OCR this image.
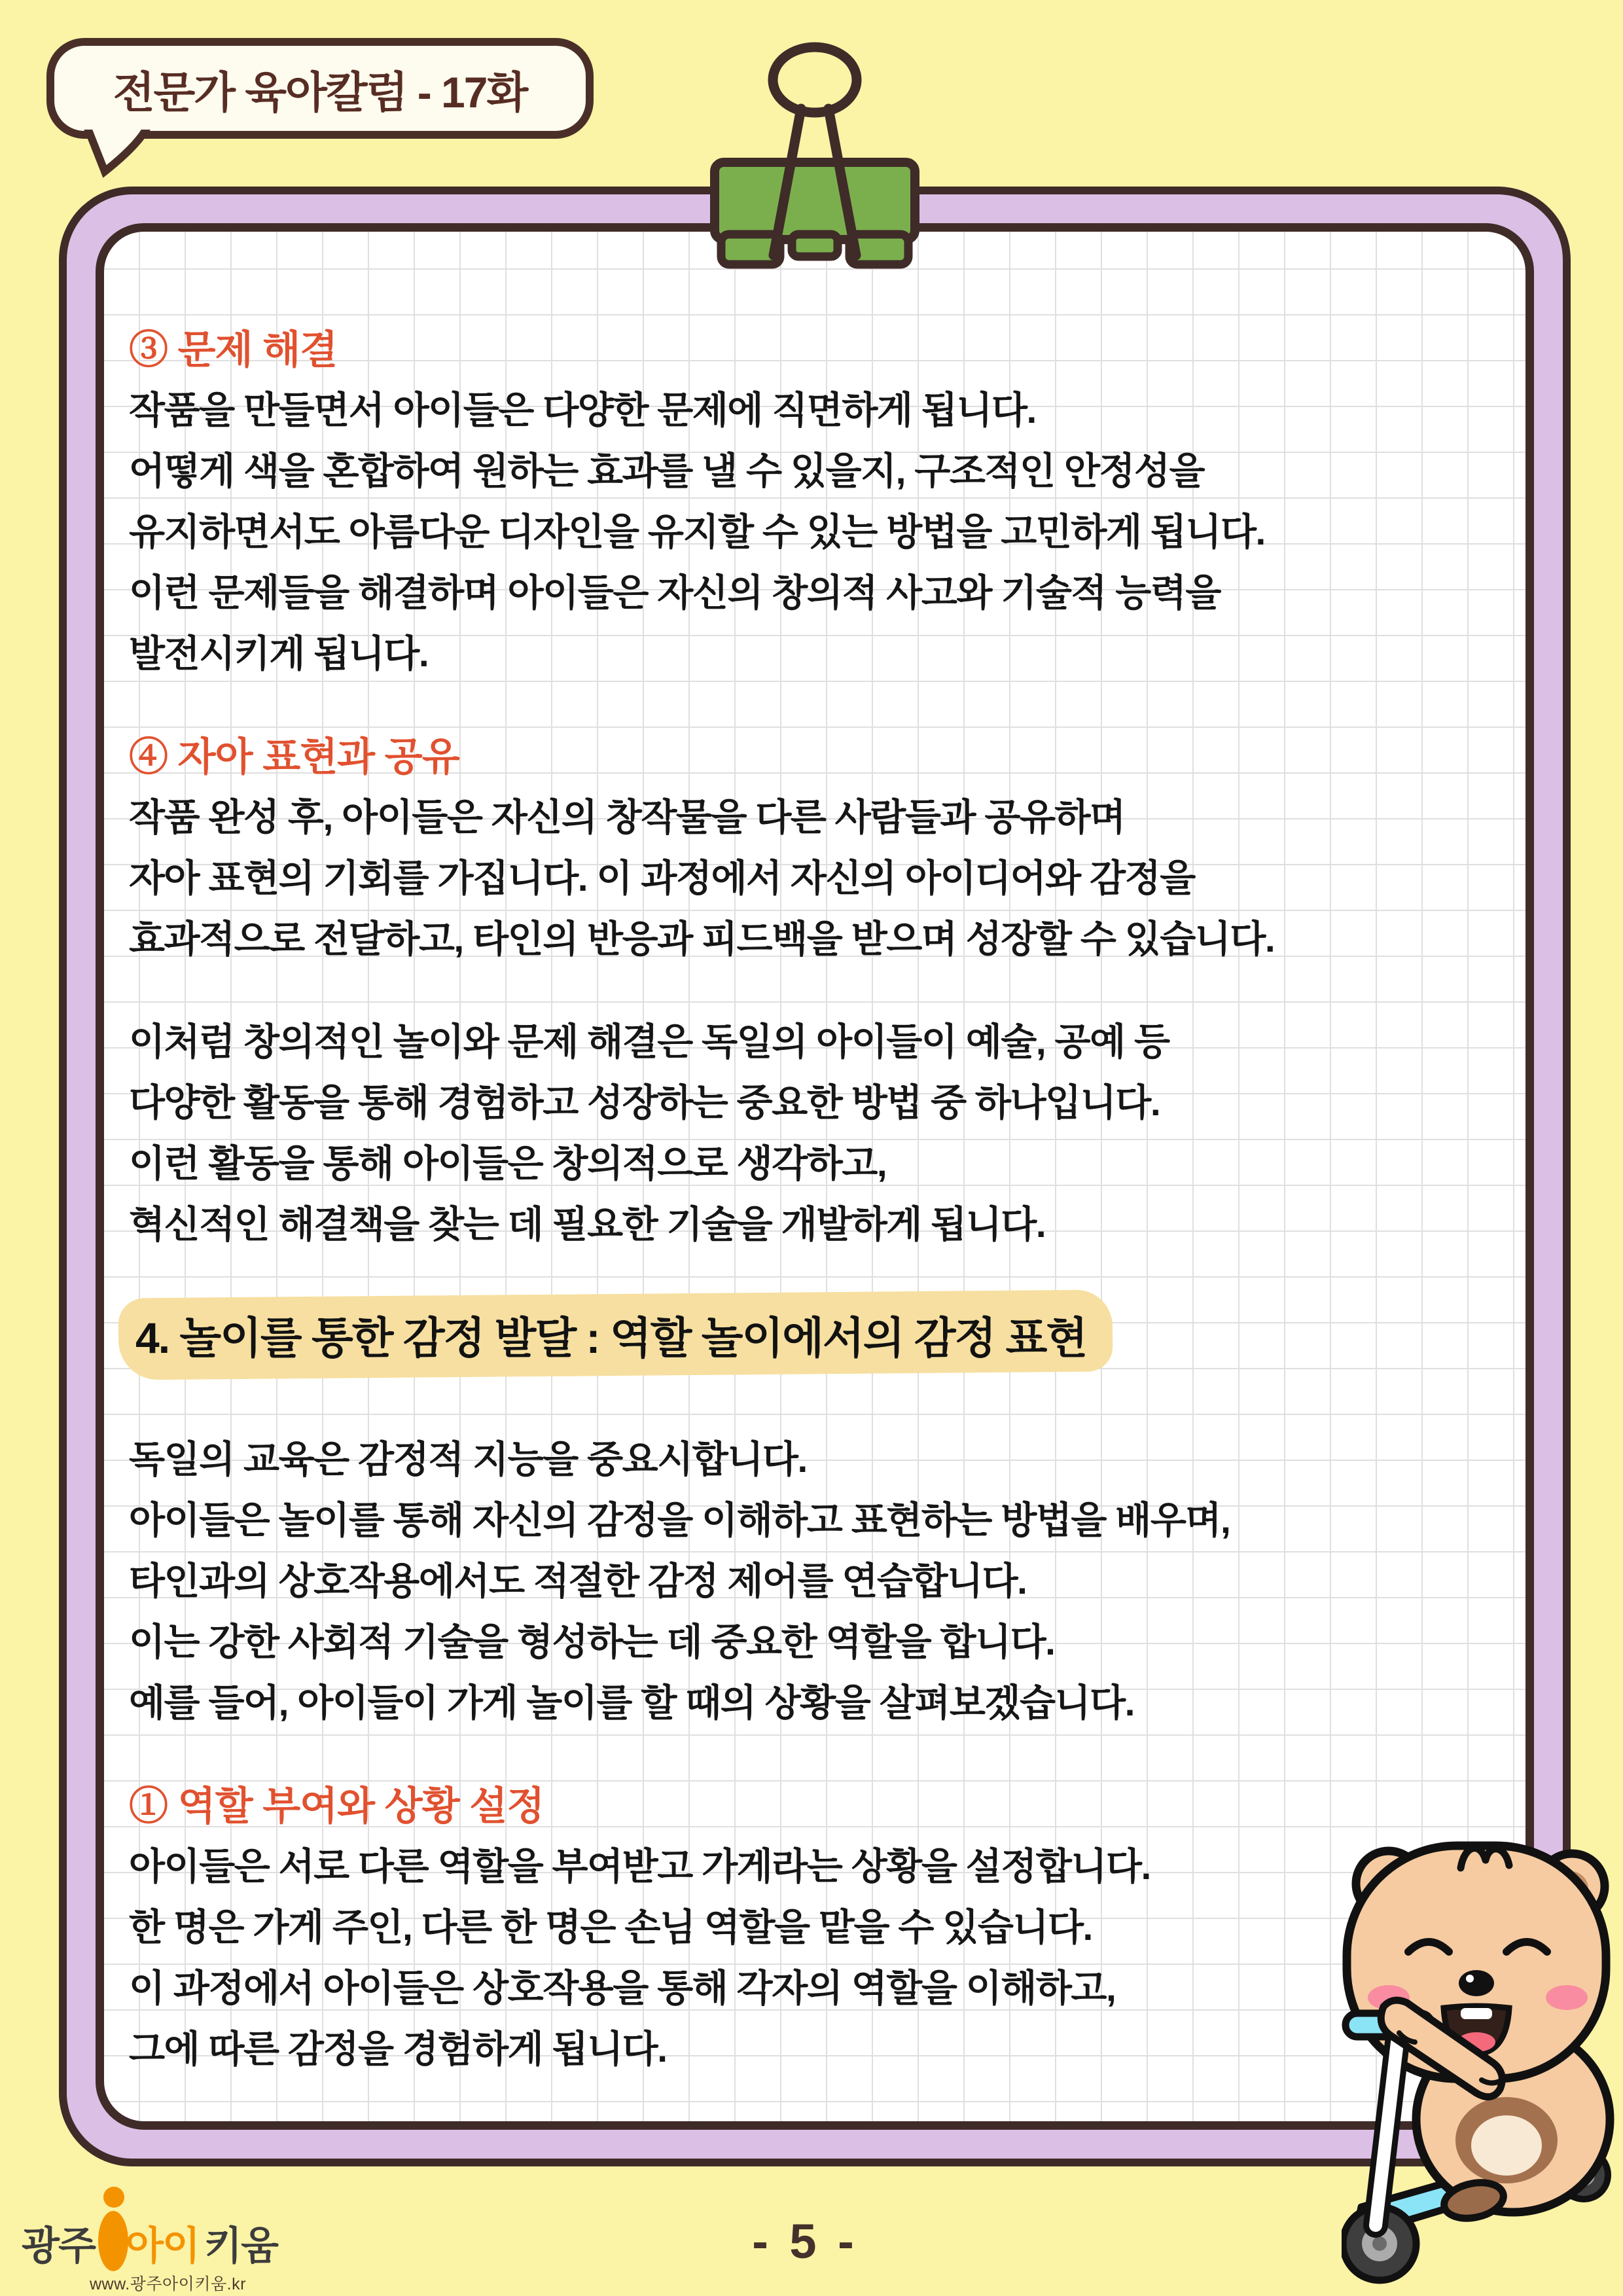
전문가 육아칼럼 - 17화
③ 문제 해결
작품을 만들면서 아이들은 다양한 문제에 직면하게 됩니다.
어떻게 색을 혼합하여 원하는 효과를 낼 수 있을지, 구조적인 안정성을
유지하면서도 아름다운 디자인을 유지할 수 있는 방법을 고민하게 됩니다.
이런 문제들을 해결하며 아이들은 자신의 창의적 사고와 기술적 능력을
발전시키게 됩니다.
④ 자아 표현과 공유
작품 완성 후, 아이들은 자신의 창작물을 다른 사람들과 공유하며
자아 표현의 기회를 가집니다. 이 과정에서 자신의 아이디어와 감정을
효과적으로 전달하고, 타인의 반응과 피드백을 받으며 성장할 수 있습니다.
이처럼 창의적인 놀이와 문제 해결은 독일의 아이들이 예술, 공예 등
다양한 활동을 통해 경험하고 성장하는 중요한 방법 중 하나입니다.
이런 활동을 통해 아이들은 창의적으로 생각하고,
혁신적인 해결책을 찾는 데 필요한 기술을 개발하게 됩니다.
4. 놀이를 통한 감정 발달 : 역할 놀이에서의 감정 표현
독일의 교육은 감정적 지능을 중요시합니다.
아이들은 놀이를 통해 자신의 감정을 이해하고 표현하는 방법을 배우며,
타인과의 상호작용에서도 적절한 감정 제어를 연습합니다.
이는 강한 사회적 기술을 형성하는 데 중요한 역할을 합니다.
예를 들어, 아이들이 가게 놀이를 할 때의 상황을 살펴보겠습니다.
① 역할 부여와 상황 설정
아이들은 서로 다른 역할을 부여받고 가게라는 상황을 설정합니다.
한 명은 가게 주인, 다른 한 명은 손님 역할을 맡을 수 있습니다.
이 과정에서 아이들은 상호작용을 통해 각자의 역할을 이해하고,
그에 따른 감정을 경험하게 됩니다.
광주 아이 키움
www.광주아이키움.kr
- 5 -
